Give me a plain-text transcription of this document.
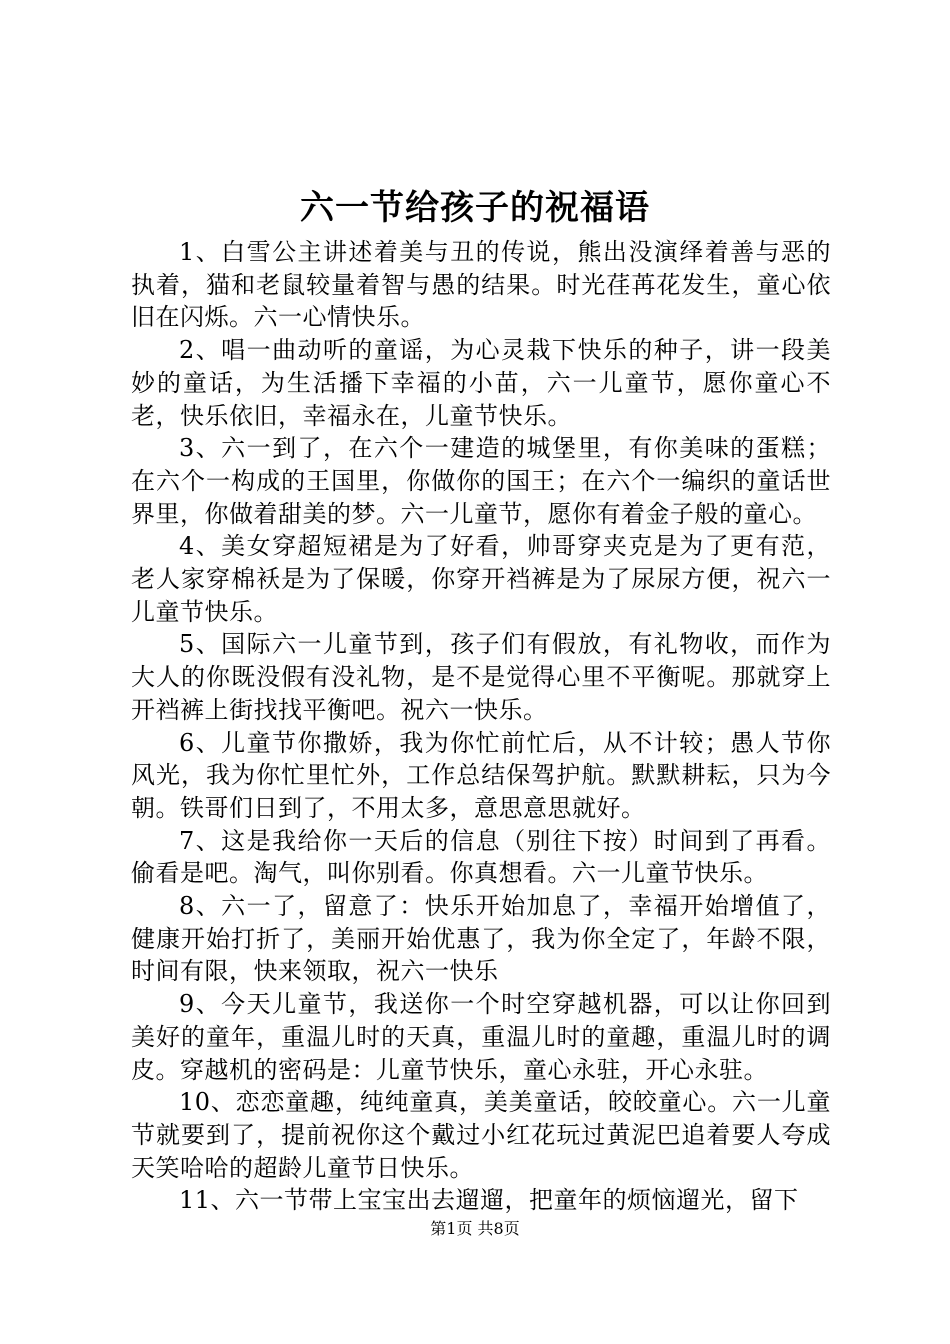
六一节给孩子的祝福语

1、白雪公主讲述着美与丑的传说，熊出没演绎着善与恶的执着，猫和老鼠较量着智与愚的结果。时光荏苒花发生，童心依旧在闪烁。六一心情快乐。

2、唱一曲动听的童谣，为心灵栽下快乐的种子，讲一段美妙的童话，为生活播下幸福的小苗，六一儿童节，愿你童心不老，快乐依旧，幸福永在，儿童节快乐。

3、六一到了，在六个一建造的城堡里，有你美味的蛋糕；在六个一构成的王国里，你做你的国王；在六个一编织的童话世界里，你做着甜美的梦。六一儿童节，愿你有着金子般的童心。

4、美女穿超短裙是为了好看，帅哥穿夹克是为了更有范，老人家穿棉袄是为了保暖，你穿开裆裤是为了尿尿方便，祝六一儿童节快乐。

5、国际六一儿童节到，孩子们有假放，有礼物收，而作为大人的你既没假有没礼物，是不是觉得心里不平衡呢。那就穿上开裆裤上街找找平衡吧。祝六一快乐。

6、儿童节你撒娇，我为你忙前忙后，从不计较；愚人节你风光，我为你忙里忙外，工作总结保驾护航。默默耕耘，只为今朝。铁哥们日到了，不用太多，意思意思就好。

7、这是我给你一天后的信息（别往下按）时间到了再看。偷看是吧。淘气，叫你别看。你真想看。六一儿童节快乐。

8、六一了，留意了：快乐开始加息了，幸福开始增值了，健康开始打折了，美丽开始优惠了，我为你全定了，年龄不限，时间有限，快来领取，祝六一快乐

9、今天儿童节，我送你一个时空穿越机器，可以让你回到美好的童年，重温儿时的天真，重温儿时的童趣，重温儿时的调皮。穿越机的密码是：儿童节快乐，童心永驻，开心永驻。

10、恋恋童趣，纯纯童真，美美童话，皎皎童心。六一儿童节就要到了，提前祝你这个戴过小红花玩过黄泥巴追着要人夸成天笑哈哈的超龄儿童节日快乐。

11、六一节带上宝宝出去遛遛，把童年的烦恼遛光，留下

第1页 共8页
